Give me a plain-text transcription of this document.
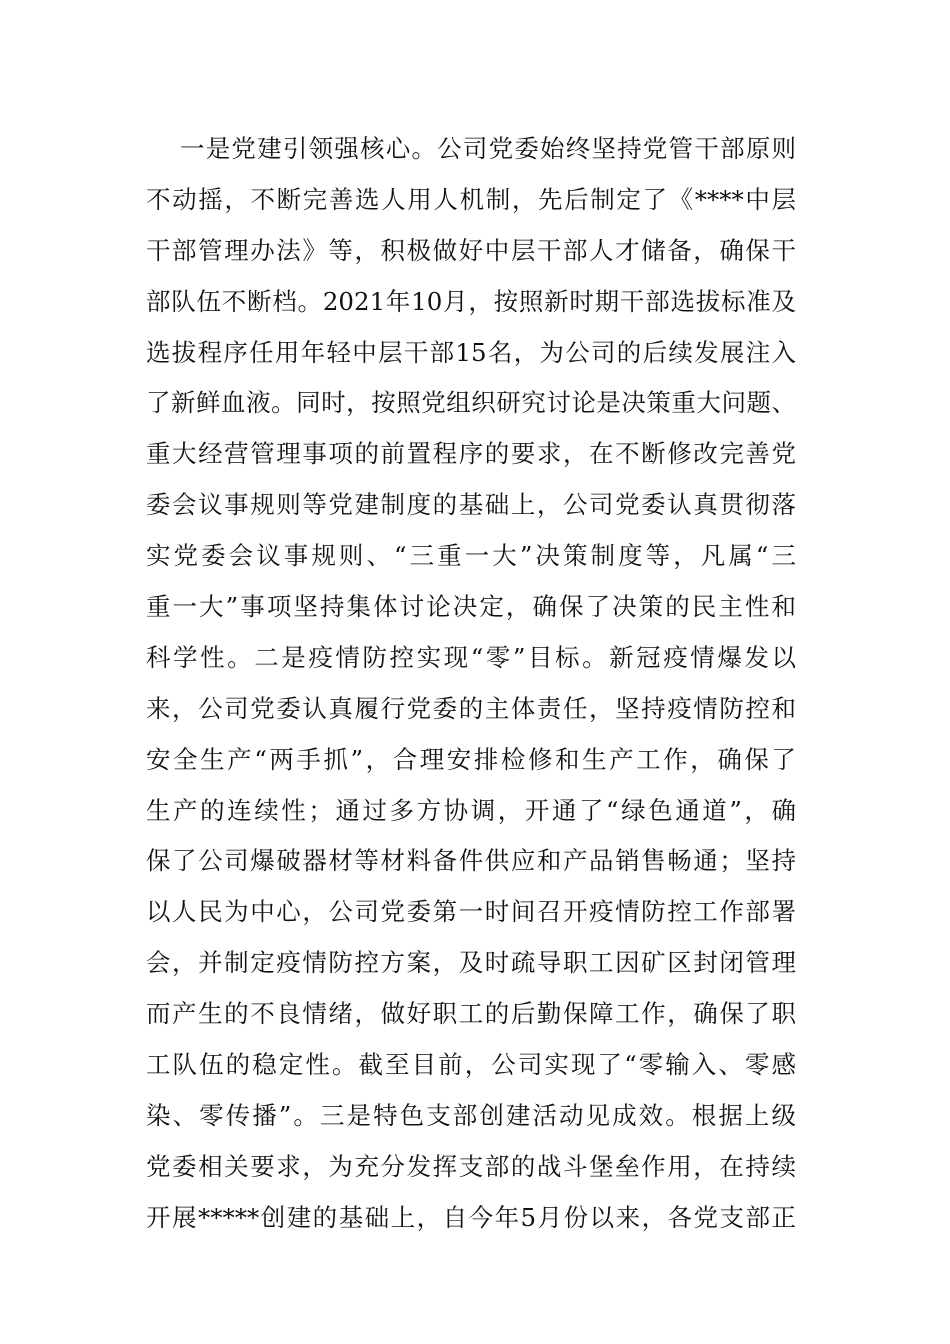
一是党建引领强核心。公司党委始终坚持党管干部原则
不动摇，不断完善选人用人机制，先后制定了《****中层
干部管理办法》等，积极做好中层干部人才储备，确保干
部队伍不断档。2021年10月，按照新时期干部选拔标准及
选拔程序任用年轻中层干部15名，为公司的后续发展注入
了新鲜血液。同时，按照党组织研究讨论是决策重大问题、
重大经营管理事项的前置程序的要求，在不断修改完善党
委会议事规则等党建制度的基础上，公司党委认真贯彻落
实党委会议事规则、“三重一大”决策制度等，凡属“三
重一大”事项坚持集体讨论决定，确保了决策的民主性和
科学性。二是疫情防控实现“零”目标。新冠疫情爆发以
来，公司党委认真履行党委的主体责任，坚持疫情防控和
安全生产“两手抓”，合理安排检修和生产工作，确保了
生产的连续性；通过多方协调，开通了“绿色通道”，确
保了公司爆破器材等材料备件供应和产品销售畅通；坚持
以人民为中心，公司党委第一时间召开疫情防控工作部署
会，并制定疫情防控方案，及时疏导职工因矿区封闭管理
而产生的不良情绪，做好职工的后勤保障工作，确保了职
工队伍的稳定性。截至目前，公司实现了“零输入、零感
染、零传播”。三是特色支部创建活动见成效。根据上级
党委相关要求，为充分发挥支部的战斗堡垒作用，在持续
开展*****创建的基础上，自今年5月份以来，各党支部正
